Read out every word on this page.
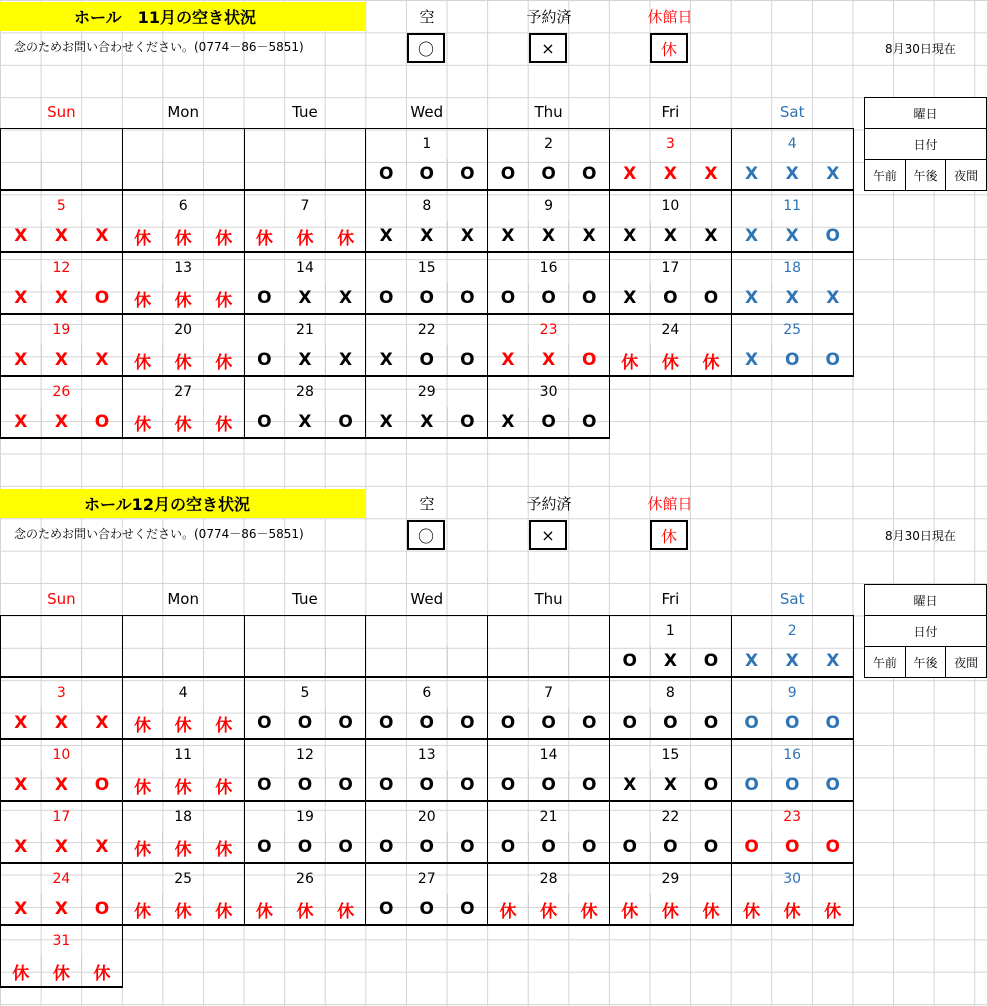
ホール　11月の空き状況
念のためお問い合わせください。(0774－86－5851)	8月30日現在
空	予約済	休館日
〇	×	休
Sun			Mon			Tue			Wed			Thu			Fri			Sat		
									1			2			3			4		
									O	O	O	O	O	O	X	X	X	X	X	X
5			6			7			8			9			10			11		
X	X	X	休	休	休	休	休	休	X	X	X	X	X	X	X	X	X	X	X	O
12			13			14			15			16			17			18		
X	X	O	休	休	休	O	X	X	O	O	O	O	O	O	X	O	O	X	X	X
19			20			21			22			23			24			25		
X	X	X	休	休	休	O	X	X	X	O	O	X	X	O	休	休	休	X	O	O
26			27			28			29			30								
X	X	O	休	休	休	O	X	O	X	X	O	X	O	O						
曜日
日付
午前	午後	夜間
ホール12月の空き状況
念のためお問い合わせください。(0774－86－5851)	8月30日現在
空	予約済	休館日
〇	×	休
Sun			Mon			Tue			Wed			Thu			Fri			Sat		
															1			2		
															O	X	O	X	X	X
3			4			5			6			7			8			9		
X	X	X	休	休	休	O	O	O	O	O	O	O	O	O	O	O	O	O	O	O
10			11			12			13			14			15			16		
X	X	O	休	休	休	O	O	O	O	O	O	O	O	O	X	X	O	O	O	O
17			18			19			20			21			22			23		
X	X	X	休	休	休	O	O	O	O	O	O	O	O	O	O	O	O	O	O	O
24			25			26			27			28			29			30		
X	X	O	休	休	休	休	休	休	O	O	O	休	休	休	休	休	休	休	休	休
31																				
休	休	休																		
曜日
日付
午前	午後	夜間
